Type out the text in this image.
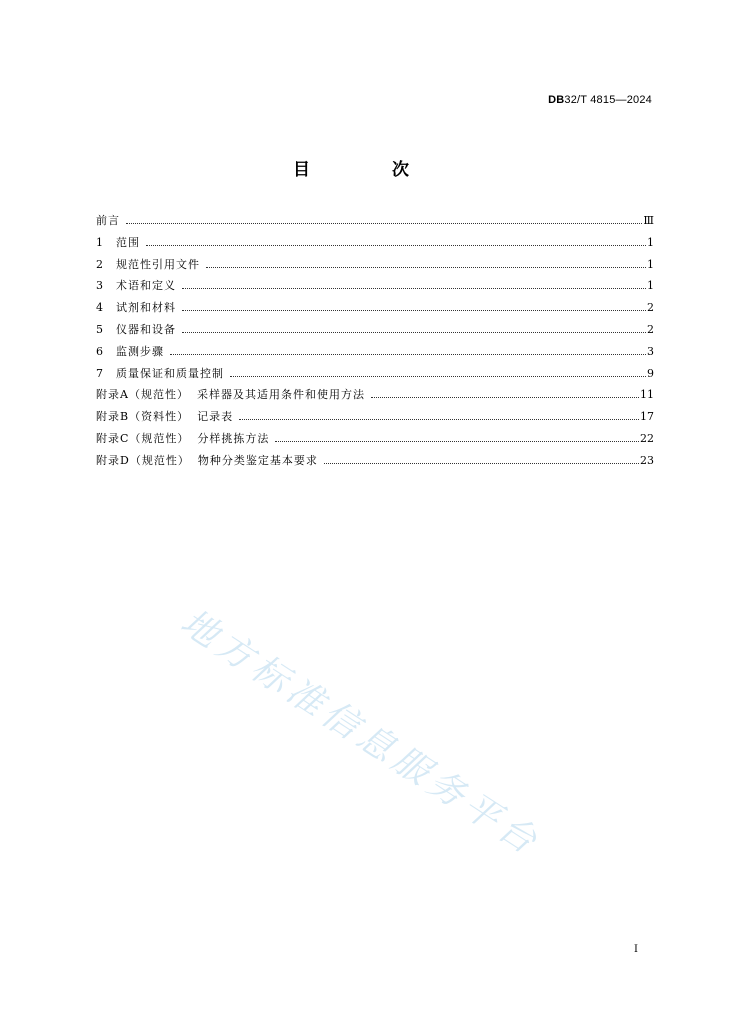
DB32/T 4815—2024
目 次
前言	Ⅲ
1 范围	1
2 规范性引用文件	1
3 术语和定义	1
4 试剂和材料	2
5 仪器和设备	2
6 监测步骤	3
7 质量保证和质量控制	9
附录A（规范性） 采样器及其适用条件和使用方法	11
附录B（资料性） 记录表	17
附录C（规范性） 分样挑拣方法	22
附录D（规范性） 物种分类鉴定基本要求	23
地方标准信息服务平台
I
